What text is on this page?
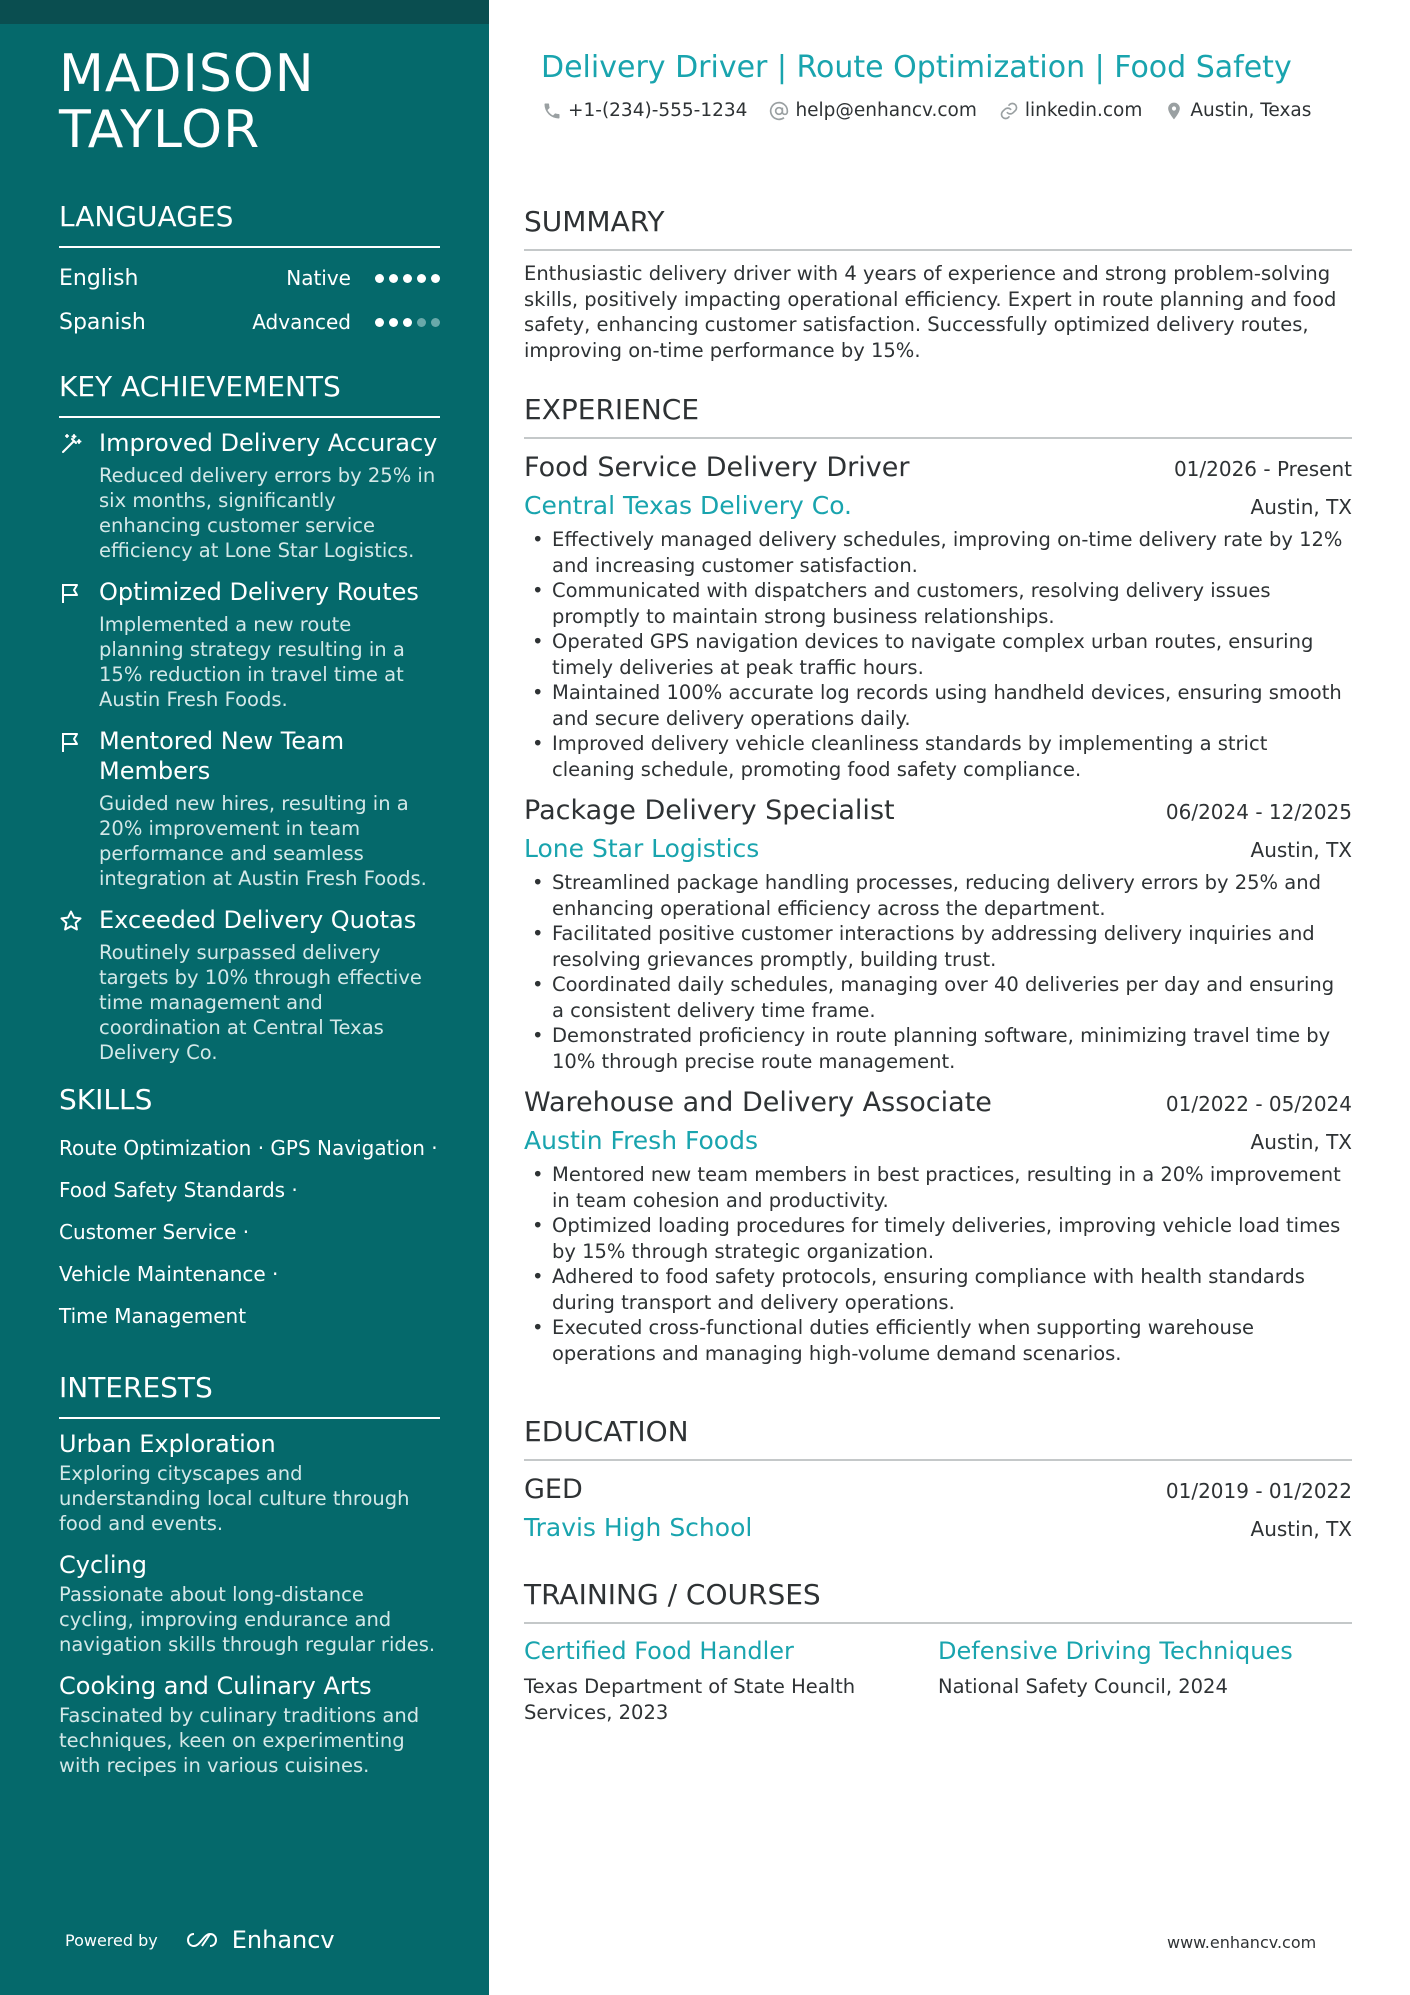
MADISON TAYLOR
LANGUAGES
English	Native
Spanish	Advanced
KEY ACHIEVEMENTS
Improved Delivery Accuracy
Reduced delivery errors by 25% in six months, significantly enhancing customer service efficiency at Lone Star Logistics.
Optimized Delivery Routes
Implemented a new route planning strategy resulting in a 15% reduction in travel time at Austin Fresh Foods.
Mentored New Team Members
Guided new hires, resulting in a 20% improvement in team performance and seamless integration at Austin Fresh Foods.
Exceeded Delivery Quotas
Routinely surpassed delivery targets by 10% through effective time management and coordination at Central Texas Delivery Co.
SKILLS
Route Optimization · GPS Navigation ·
Food Safety Standards ·
Customer Service ·
Vehicle Maintenance ·
Time Management
INTERESTS
Urban Exploration
Exploring cityscapes and understanding local culture through food and events.
Cycling
Passionate about long-distance cycling, improving endurance and navigation skills through regular rides.
Cooking and Culinary Arts
Fascinated by culinary traditions and techniques, keen on experimenting with recipes in various cuisines.
Powered by	Enhancv
Delivery Driver | Route Optimization | Food Safety
+1-(234)-555-1234	help@enhancv.com	linkedin.com	Austin, Texas
SUMMARY
Enthusiastic delivery driver with 4 years of experience and strong problem-solving skills, positively impacting operational efficiency. Expert in route planning and food safety, enhancing customer satisfaction. Successfully optimized delivery routes, improving on-time performance by 15%.
EXPERIENCE
Food Service Delivery Driver	01/2026 - Present
Central Texas Delivery Co.	Austin, TX
• Effectively managed delivery schedules, improving on-time delivery rate by 12% and increasing customer satisfaction.
• Communicated with dispatchers and customers, resolving delivery issues promptly to maintain strong business relationships.
• Operated GPS navigation devices to navigate complex urban routes, ensuring timely deliveries at peak traffic hours.
• Maintained 100% accurate log records using handheld devices, ensuring smooth and secure delivery operations daily.
• Improved delivery vehicle cleanliness standards by implementing a strict cleaning schedule, promoting food safety compliance.
Package Delivery Specialist	06/2024 - 12/2025
Lone Star Logistics	Austin, TX
• Streamlined package handling processes, reducing delivery errors by 25% and enhancing operational efficiency across the department.
• Facilitated positive customer interactions by addressing delivery inquiries and resolving grievances promptly, building trust.
• Coordinated daily schedules, managing over 40 deliveries per day and ensuring a consistent delivery time frame.
• Demonstrated proficiency in route planning software, minimizing travel time by 10% through precise route management.
Warehouse and Delivery Associate	01/2022 - 05/2024
Austin Fresh Foods	Austin, TX
• Mentored new team members in best practices, resulting in a 20% improvement in team cohesion and productivity.
• Optimized loading procedures for timely deliveries, improving vehicle load times by 15% through strategic organization.
• Adhered to food safety protocols, ensuring compliance with health standards during transport and delivery operations.
• Executed cross-functional duties efficiently when supporting warehouse operations and managing high-volume demand scenarios.
EDUCATION
GED	01/2019 - 01/2022
Travis High School	Austin, TX
TRAINING / COURSES
Certified Food Handler
Texas Department of State Health Services, 2023
Defensive Driving Techniques
National Safety Council, 2024
www.enhancv.com
